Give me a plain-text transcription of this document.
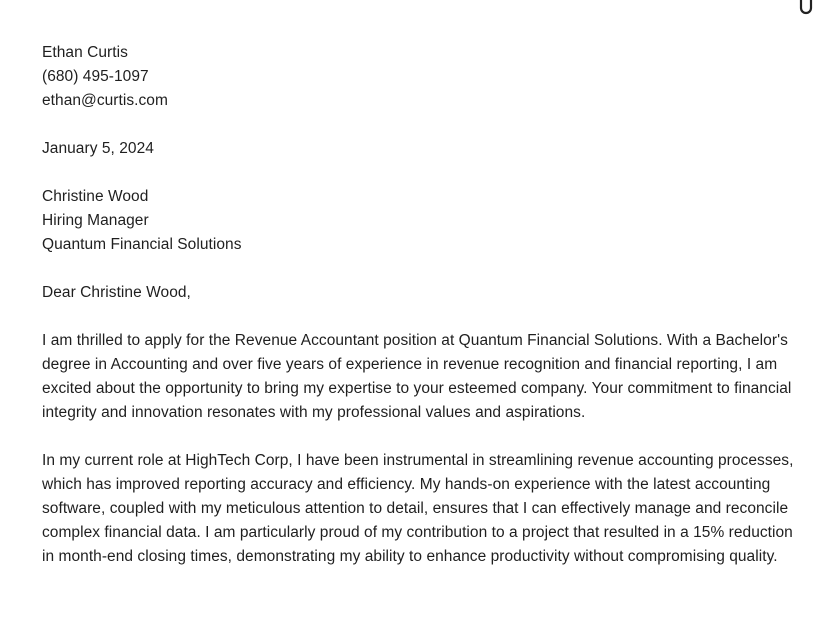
Ethan Curtis
(680) 495-1097
ethan@curtis.com
January 5, 2024
Christine Wood
Hiring Manager
Quantum Financial Solutions
Dear Christine Wood,
I am thrilled to apply for the Revenue Accountant position at Quantum Financial Solutions. With a Bachelor's degree in Accounting and over five years of experience in revenue recognition and financial reporting, I am excited about the opportunity to bring my expertise to your esteemed company. Your commitment to financial integrity and innovation resonates with my professional values and aspirations.
In my current role at HighTech Corp, I have been instrumental in streamlining revenue accounting processes, which has improved reporting accuracy and efficiency. My hands-on experience with the latest accounting software, coupled with my meticulous attention to detail, ensures that I can effectively manage and reconcile complex financial data. I am particularly proud of my contribution to a project that resulted in a 15% reduction in month-end closing times, demonstrating my ability to enhance productivity without compromising quality.
